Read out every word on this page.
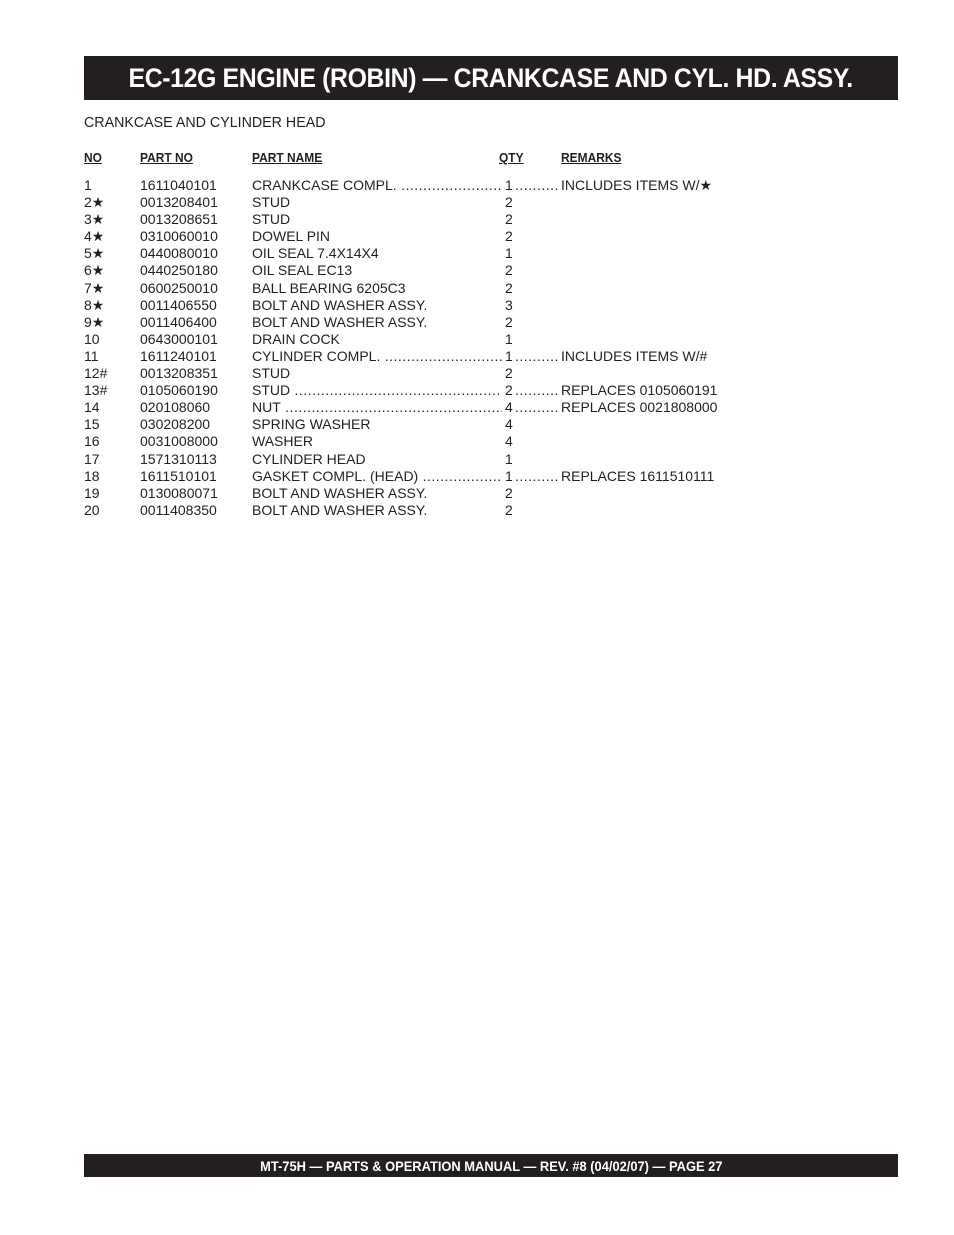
EC-12G ENGINE (ROBIN) — CRANKCASE AND CYL. HD. ASSY.
CRANKCASE AND CYLINDER HEAD
NO	PART NO	PART NAME	QTY	REMARKS
1	1611040101	CRANKCASE COMPL. .....	1 .....	INCLUDES ITEMS W/★
2★	0013208401 STUD	2
3★	0013208651 STUD	2
4★	0310060010 DOWEL PIN	2
5★	0440080010 OIL SEAL 7.4X14X4	1
6★	0440250180 OIL SEAL EC13	2
7★	0600250010 BALL BEARING 6205C3	2
8★	0011406550	BOLT AND WASHER ASSY.	3
9★	0011406400	BOLT AND WASHER ASSY.	2
10	0643000101 DRAIN COCK	1
11	1611240101	CYLINDER COMPL. .....	1 .....	INCLUDES ITEMS W/#
12# 0013208351 STUD	2
13# 0105060190 STUD .....	2 .....	REPLACES 0105060191
14	020108060	NUT .....	4 .....	REPLACES 0021808000
15	030208200	SPRING WASHER	4
16	0031008000 WASHER	4
17	1571310113	CYLINDER HEAD	1
18	1611510101	GASKET COMPL. (HEAD) .....	1 .....	REPLACES 1611510111
19	0130080071 BOLT AND WASHER ASSY.	2
20	0011408350	BOLT AND WASHER ASSY.	2
MT-75H — PARTS & OPERATION MANUAL — REV. #8 (04/02/07) — PAGE 27
